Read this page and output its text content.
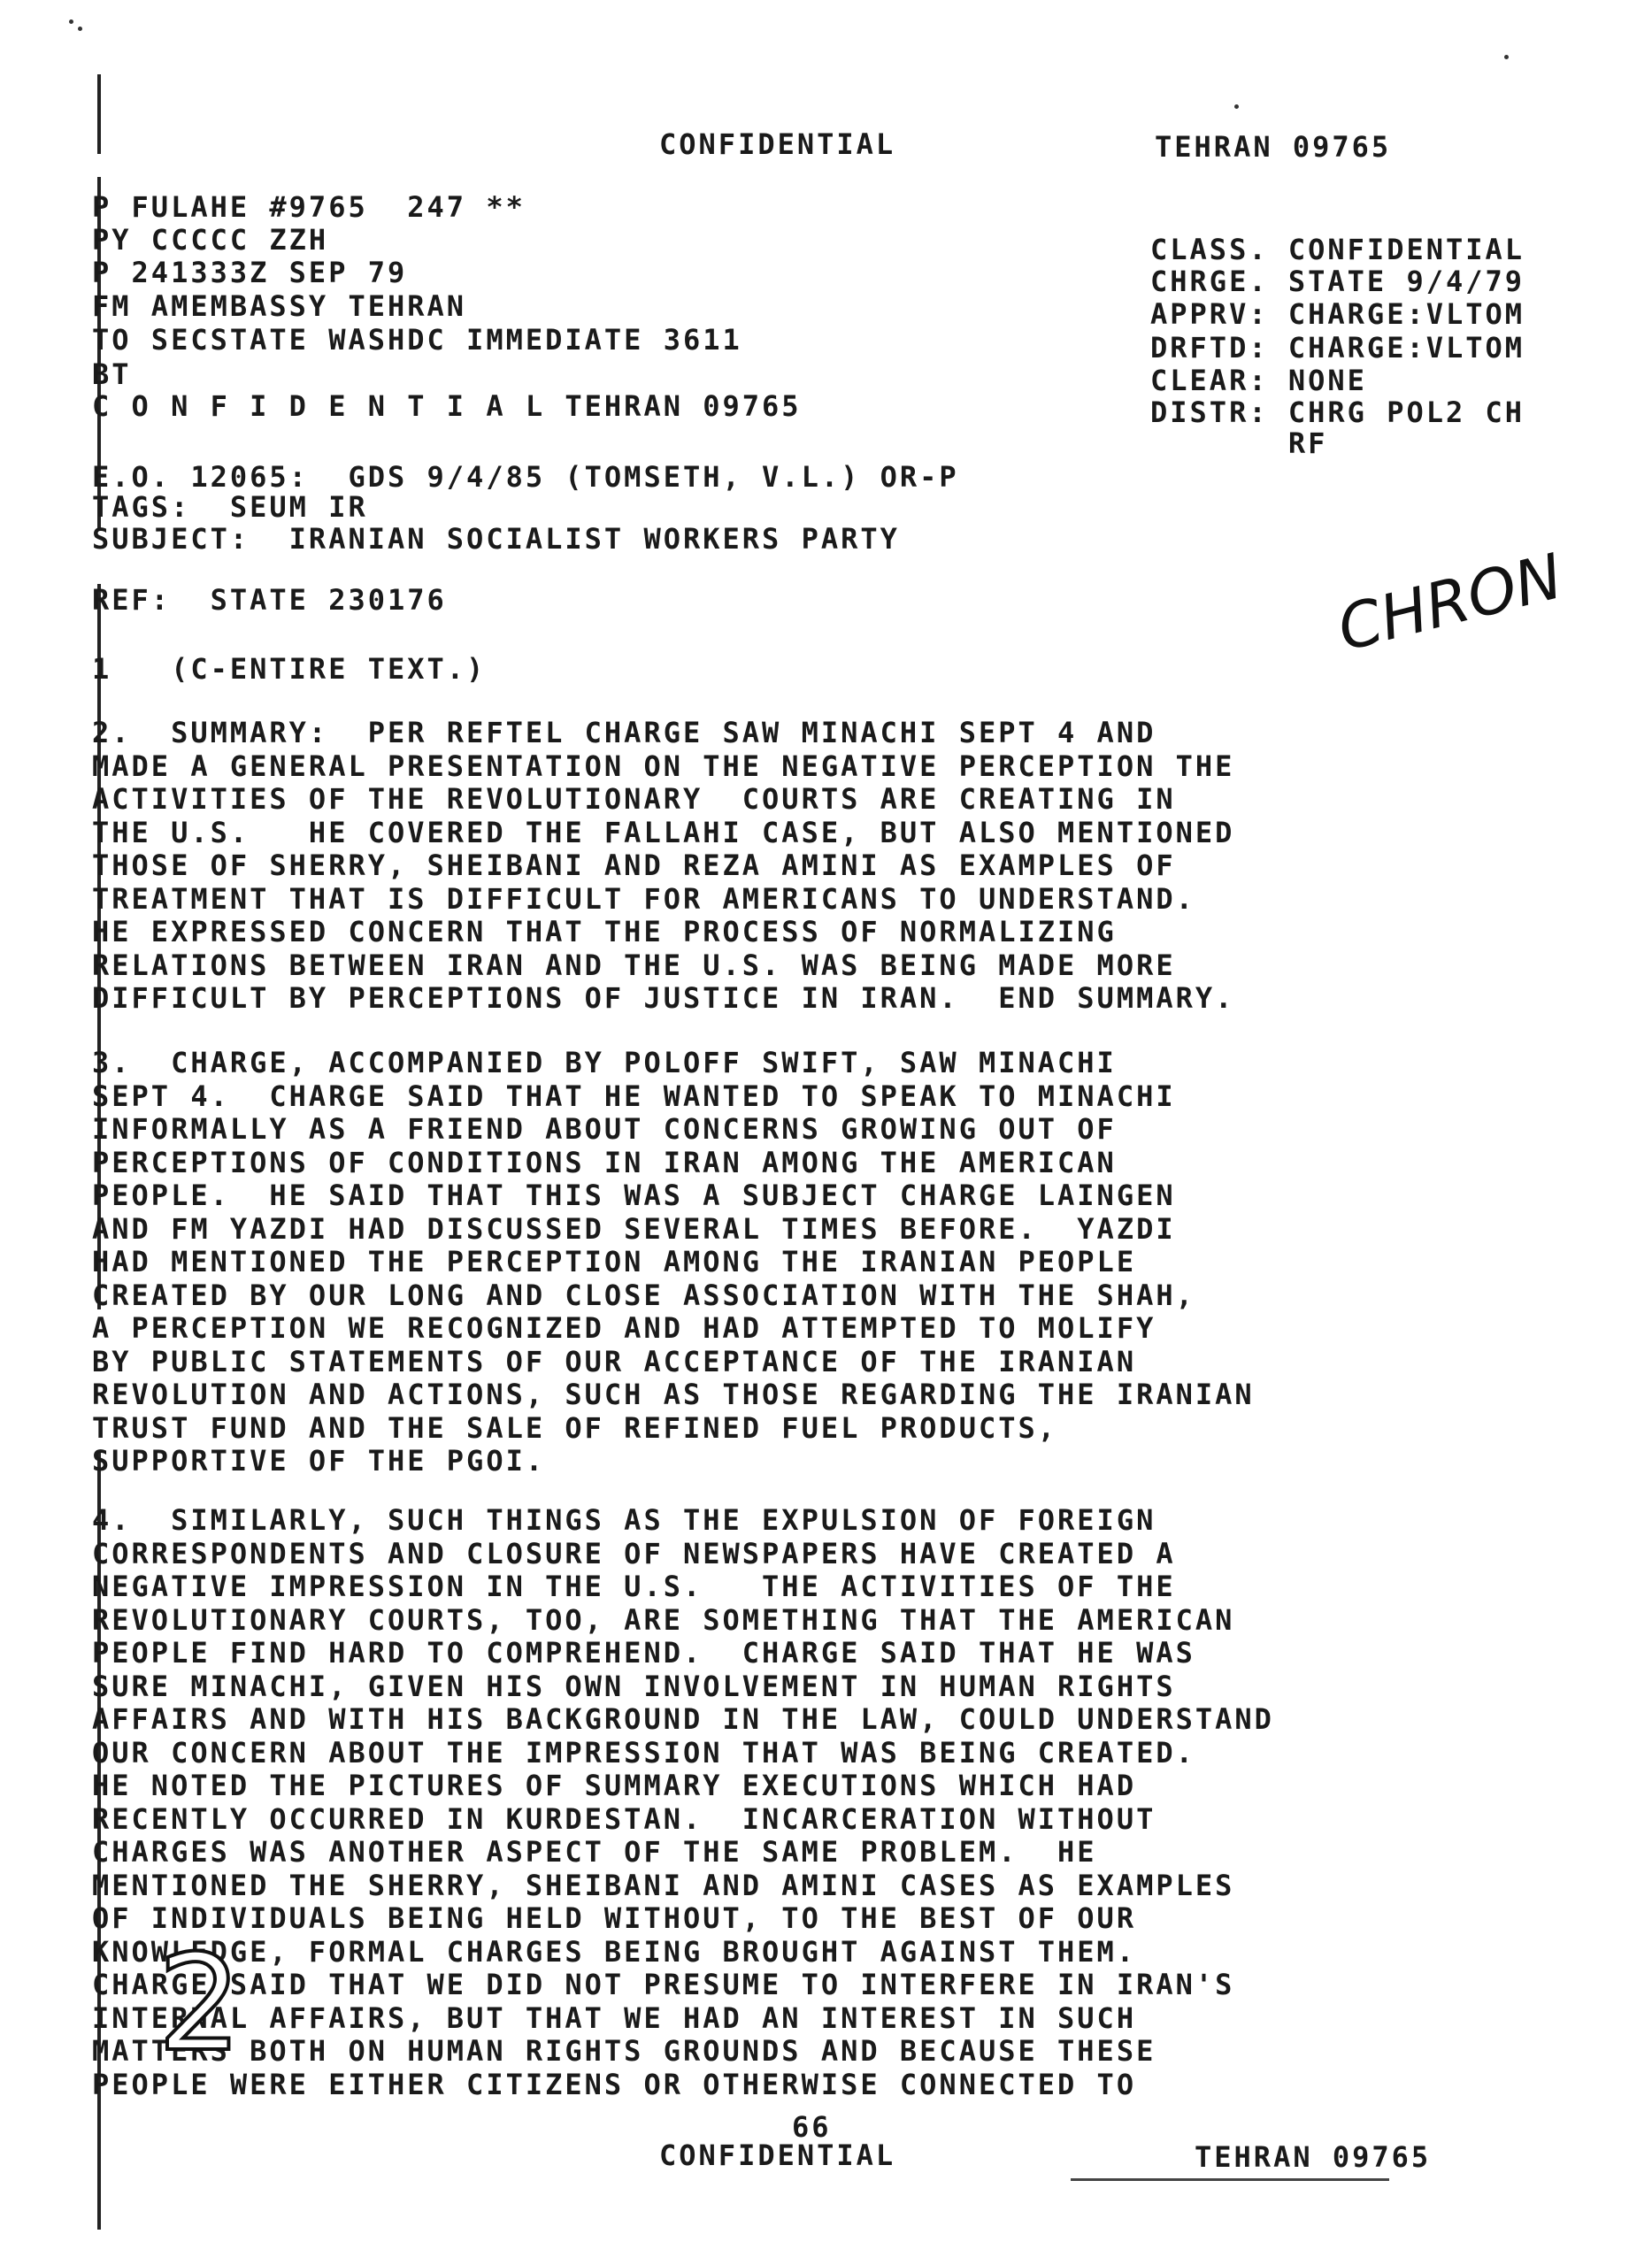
CONFIDENTIAL	TEHRAN 09765
P FULAHE #9765  247 **
PY CCCCC ZZH
P 241333Z SEP 79
FM AMEMBASSY TEHRAN
TO SECSTATE WASHDC IMMEDIATE 3611
BT
C O N F I D E N T I A L TEHRAN 09765
CLASS. CONFIDENTIAL
CHRGE. STATE 9/4/79
APPRV: CHARGE:VLTOM
DRFTD: CHARGE:VLTOM
CLEAR: NONE
DISTR: CHRG POL2 CH
RF
E.O. 12065:  GDS 9/4/85 (TOMSETH, V.L.) OR-P
TAGS:  SEUM IR
SUBJECT:  IRANIAN SOCIALIST WORKERS PARTY
REF:  STATE 230176	CHRON
1   (C-ENTIRE TEXT.)
2.  SUMMARY:  PER REFTEL CHARGE SAW MINACHI SEPT 4 AND
MADE A GENERAL PRESENTATION ON THE NEGATIVE PERCEPTION THE
ACTIVITIES OF THE REVOLUTIONARY  COURTS ARE CREATING IN
THE U.S.   HE COVERED THE FALLAHI CASE, BUT ALSO MENTIONED
THOSE OF SHERRY, SHEIBANI AND REZA AMINI AS EXAMPLES OF
TREATMENT THAT IS DIFFICULT FOR AMERICANS TO UNDERSTAND.
HE EXPRESSED CONCERN THAT THE PROCESS OF NORMALIZING
RELATIONS BETWEEN IRAN AND THE U.S. WAS BEING MADE MORE
DIFFICULT BY PERCEPTIONS OF JUSTICE IN IRAN.  END SUMMARY.
3.  CHARGE, ACCOMPANIED BY POLOFF SWIFT, SAW MINACHI
SEPT 4.  CHARGE SAID THAT HE WANTED TO SPEAK TO MINACHI
INFORMALLY AS A FRIEND ABOUT CONCERNS GROWING OUT OF
PERCEPTIONS OF CONDITIONS IN IRAN AMONG THE AMERICAN
PEOPLE.  HE SAID THAT THIS WAS A SUBJECT CHARGE LAINGEN
AND FM YAZDI HAD DISCUSSED SEVERAL TIMES BEFORE.  YAZDI
HAD MENTIONED THE PERCEPTION AMONG THE IRANIAN PEOPLE
CREATED BY OUR LONG AND CLOSE ASSOCIATION WITH THE SHAH,
A PERCEPTION WE RECOGNIZED AND HAD ATTEMPTED TO MOLIFY
BY PUBLIC STATEMENTS OF OUR ACCEPTANCE OF THE IRANIAN
REVOLUTION AND ACTIONS, SUCH AS THOSE REGARDING THE IRANIAN
TRUST FUND AND THE SALE OF REFINED FUEL PRODUCTS,
SUPPORTIVE OF THE PGOI.
4.  SIMILARLY, SUCH THINGS AS THE EXPULSION OF FOREIGN
CORRESPONDENTS AND CLOSURE OF NEWSPAPERS HAVE CREATED A
NEGATIVE IMPRESSION IN THE U.S.   THE ACTIVITIES OF THE
REVOLUTIONARY COURTS, TOO, ARE SOMETHING THAT THE AMERICAN
PEOPLE FIND HARD TO COMPREHEND.  CHARGE SAID THAT HE WAS
SURE MINACHI, GIVEN HIS OWN INVOLVEMENT IN HUMAN RIGHTS
AFFAIRS AND WITH HIS BACKGROUND IN THE LAW, COULD UNDERSTAND
OUR CONCERN ABOUT THE IMPRESSION THAT WAS BEING CREATED.
HE NOTED THE PICTURES OF SUMMARY EXECUTIONS WHICH HAD
RECENTLY OCCURRED IN KURDESTAN.  INCARCERATION WITHOUT
CHARGES WAS ANOTHER ASPECT OF THE SAME PROBLEM.  HE
MENTIONED THE SHERRY, SHEIBANI AND AMINI CASES AS EXAMPLES
OF INDIVIDUALS BEING HELD WITHOUT, TO THE BEST OF OUR
KNOWLEDGE, FORMAL CHARGES BEING BROUGHT AGAINST THEM.
CHARGE SAID THAT WE DID NOT PRESUME TO INTERFERE IN IRAN'S
INTERNAL AFFAIRS, BUT THAT WE HAD AN INTEREST IN SUCH
MATTERS BOTH ON HUMAN RIGHTS GROUNDS AND BECAUSE THESE
PEOPLE WERE EITHER CITIZENS OR OTHERWISE CONNECTED TO
2
66
CONFIDENTIAL	TEHRAN 09765
